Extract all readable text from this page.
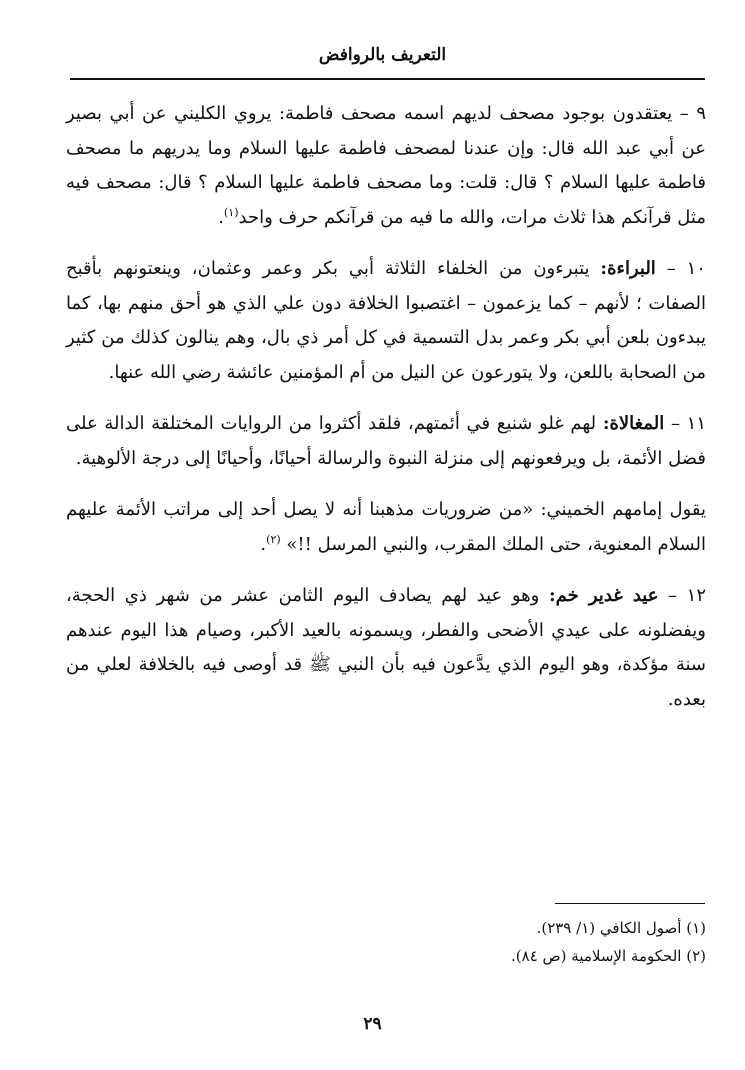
التعريف بالروافض

٩ – يعتقدون بوجود مصحف لديهم اسمه مصحف فاطمة: يروي الكليني عن أبي بصير عن أبي عبد الله قال: وإن عندنا لمصحف فاطمة عليها السلام وما يدريهم ما مصحف فاطمة عليها السلام ؟ قال: قلت: وما مصحف فاطمة عليها السلام ؟ قال: مصحف فيه مثل قرآنكم هذا ثلاث مرات، والله ما فيه من قرآنكم حرف واحد$^{(١)}$.

١٠ – البراءة: يتبرءون من الخلفاء الثلاثة أبي بكر وعمر وعثمان، وينعتونهم بأقبح الصفات ؛ لأنهم – كما يزعمون – اغتصبوا الخلافة دون علي الذي هو أحق منهم بها، كما يبدءون بلعن أبي بكر وعمر بدل التسمية في كل أمر ذي بال، وهم ينالون كذلك من كثير من الصحابة باللعن، ولا يتورعون عن النيل من أم المؤمنين عائشة رضي الله عنها.

١١ – المغالاة: لهم غلو شنيع في أئمتهم، فلقد أكثروا من الروايات المختلقة الدالة على فضل الأئمة، بل ويرفعونهم إلى منزلة النبوة والرسالة أحيانًا، وأحيانًا إلى درجة الألوهية.

يقول إمامهم الخميني: «من ضروريات مذهبنا أنه لا يصل أحد إلى مراتب الأئمة عليهم السلام المعنوية، حتى الملك المقرب، والنبي المرسل !!» $^{(٢)}$.

١٢ – عيد غدير خم: وهو عيد لهم يصادف اليوم الثامن عشر من شهر ذي الحجة، ويفضلونه على عيدي الأضحى والفطر، ويسمونه بالعيد الأكبر، وصيام هذا اليوم عندهم سنة مؤكدة، وهو اليوم الذي يدَّعون فيه بأن النبي ﷺ قد أوصى فيه بالخلافة لعلي من بعده.

(١) أصول الكافي (١/ ٢٣٩).

(٢) الحكومة الإسلامية (ص ٨٤).

٢٩
